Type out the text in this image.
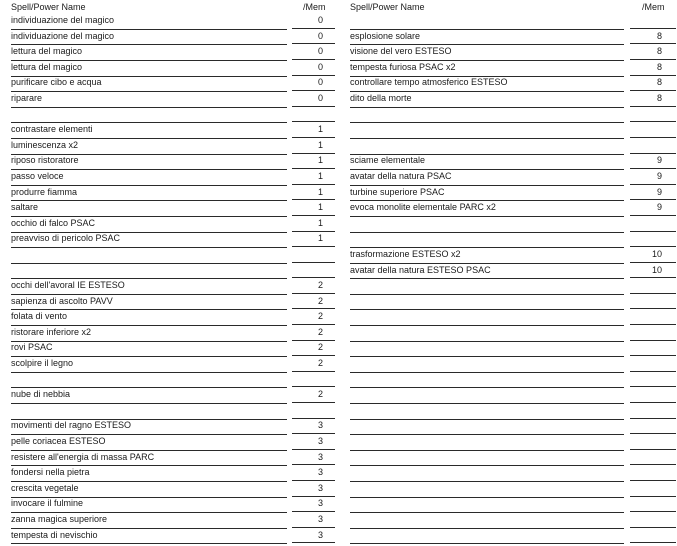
Spell/Power Name	/Mem
individuazione del magico	0
individuazione del magico	0
lettura del magico	0
lettura del magico	0
purificare cibo e acqua	0
riparare	0
contrastare elementi	1
luminescenza x2	1
riposo ristoratore	1
passo veloce	1
produrre fiamma	1
saltare	1
occhio di falco PSAC	1
preavviso di pericolo PSAC	1
occhi dell'avoral IE ESTESO	2
sapienza di ascolto PAVV	2
folata di vento	2
ristorare inferiore x2	2
rovi PSAC	2
scolpire il legno	2
nube di nebbia	2
movimenti del ragno ESTESO	3
pelle coriacea ESTESO	3
resistere all'energia di massa PARC	3
fondersi nella pietra	3
crescita vegetale	3
invocare il fulmine	3
zanna magica superiore	3
tempesta di nevischio	3
Spell/Power Name	/Mem
esplosione solare	8
visione del vero ESTESO	8
tempesta furiosa PSAC x2	8
controllare tempo atmosferico ESTESO	8
dito della morte	8
sciame elementale	9
avatar della natura PSAC	9
turbine superiore PSAC	9
evoca monolite elementale PARC x2	9
trasformazione ESTESO x2	10
avatar della natura ESTESO PSAC	10
